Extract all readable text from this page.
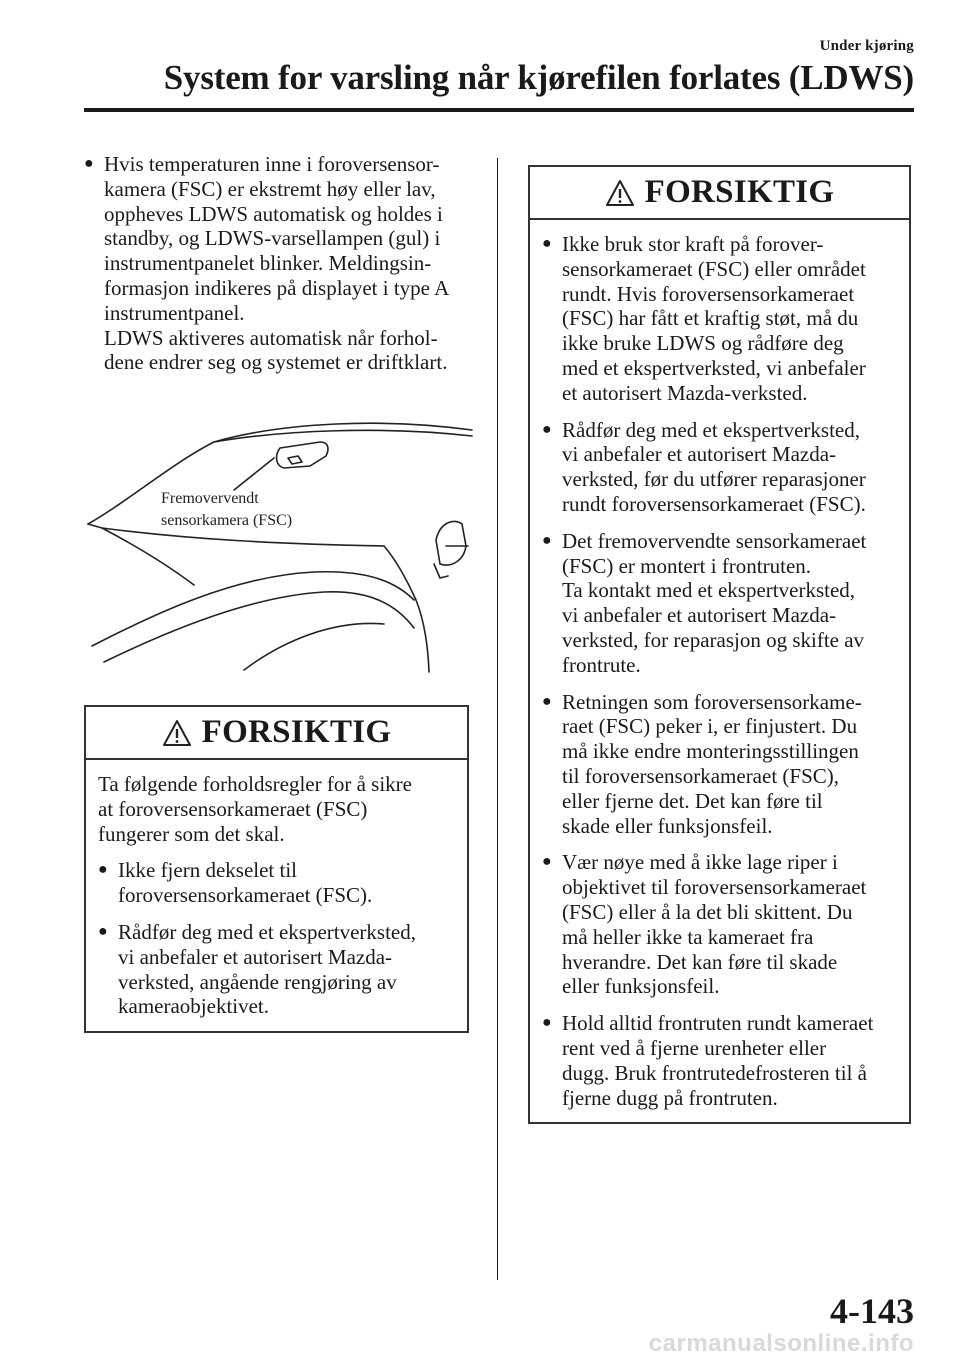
Under kjøring
System for varsling når kjørefilen forlates (LDWS)
● Hvis temperaturen inne i foroversensor-
kamera (FSC) er ekstremt høy eller lav,
oppheves LDWS automatisk og holdes i
standby, og LDWS-varsellampen (gul) i
instrumentpanelet blinker. Meldingsin-
formasjon indikeres på displayet i type A
instrumentpanel.
LDWS aktiveres automatisk når forhol-
dene endrer seg og systemet er driftklart.
Fremovervendt
sensorkamera (FSC)
FORSIKTIG
Ta følgende forholdsregler for å sikre
at foroversensorkameraet (FSC)
fungerer som det skal.
● Ikke fjern dekselet til
foroversensorkameraet (FSC).
● Rådfør deg med et ekspertverksted,
vi anbefaler et autorisert Mazda-
verksted, angående rengjøring av
kameraobjektivet.
FORSIKTIG
● Ikke bruk stor kraft på forover-
sensorkameraet (FSC) eller området
rundt. Hvis foroversensorkameraet
(FSC) har fått et kraftig støt, må du
ikke bruke LDWS og rådføre deg
med et ekspertverksted, vi anbefaler
et autorisert Mazda-verksted.
● Rådfør deg med et ekspertverksted,
vi anbefaler et autorisert Mazda-
verksted, før du utfører reparasjoner
rundt foroversensorkameraet (FSC).
● Det fremovervendte sensorkameraet
(FSC) er montert i frontruten.
Ta kontakt med et ekspertverksted,
vi anbefaler et autorisert Mazda-
verksted, for reparasjon og skifte av
frontrute.
● Retningen som foroversensorkame-
raet (FSC) peker i, er finjustert. Du
må ikke endre monteringsstillingen
til foroversensorkameraet (FSC),
eller fjerne det. Det kan føre til
skade eller funksjonsfeil.
● Vær nøye med å ikke lage riper i
objektivet til foroversensorkameraet
(FSC) eller å la det bli skittent. Du
må heller ikke ta kameraet fra
hverandre. Det kan føre til skade
eller funksjonsfeil.
● Hold alltid frontruten rundt kameraet
rent ved å fjerne urenheter eller
dugg. Bruk frontrutedefrosteren til å
fjerne dugg på frontruten.
4-143
carmanualsonline.info
